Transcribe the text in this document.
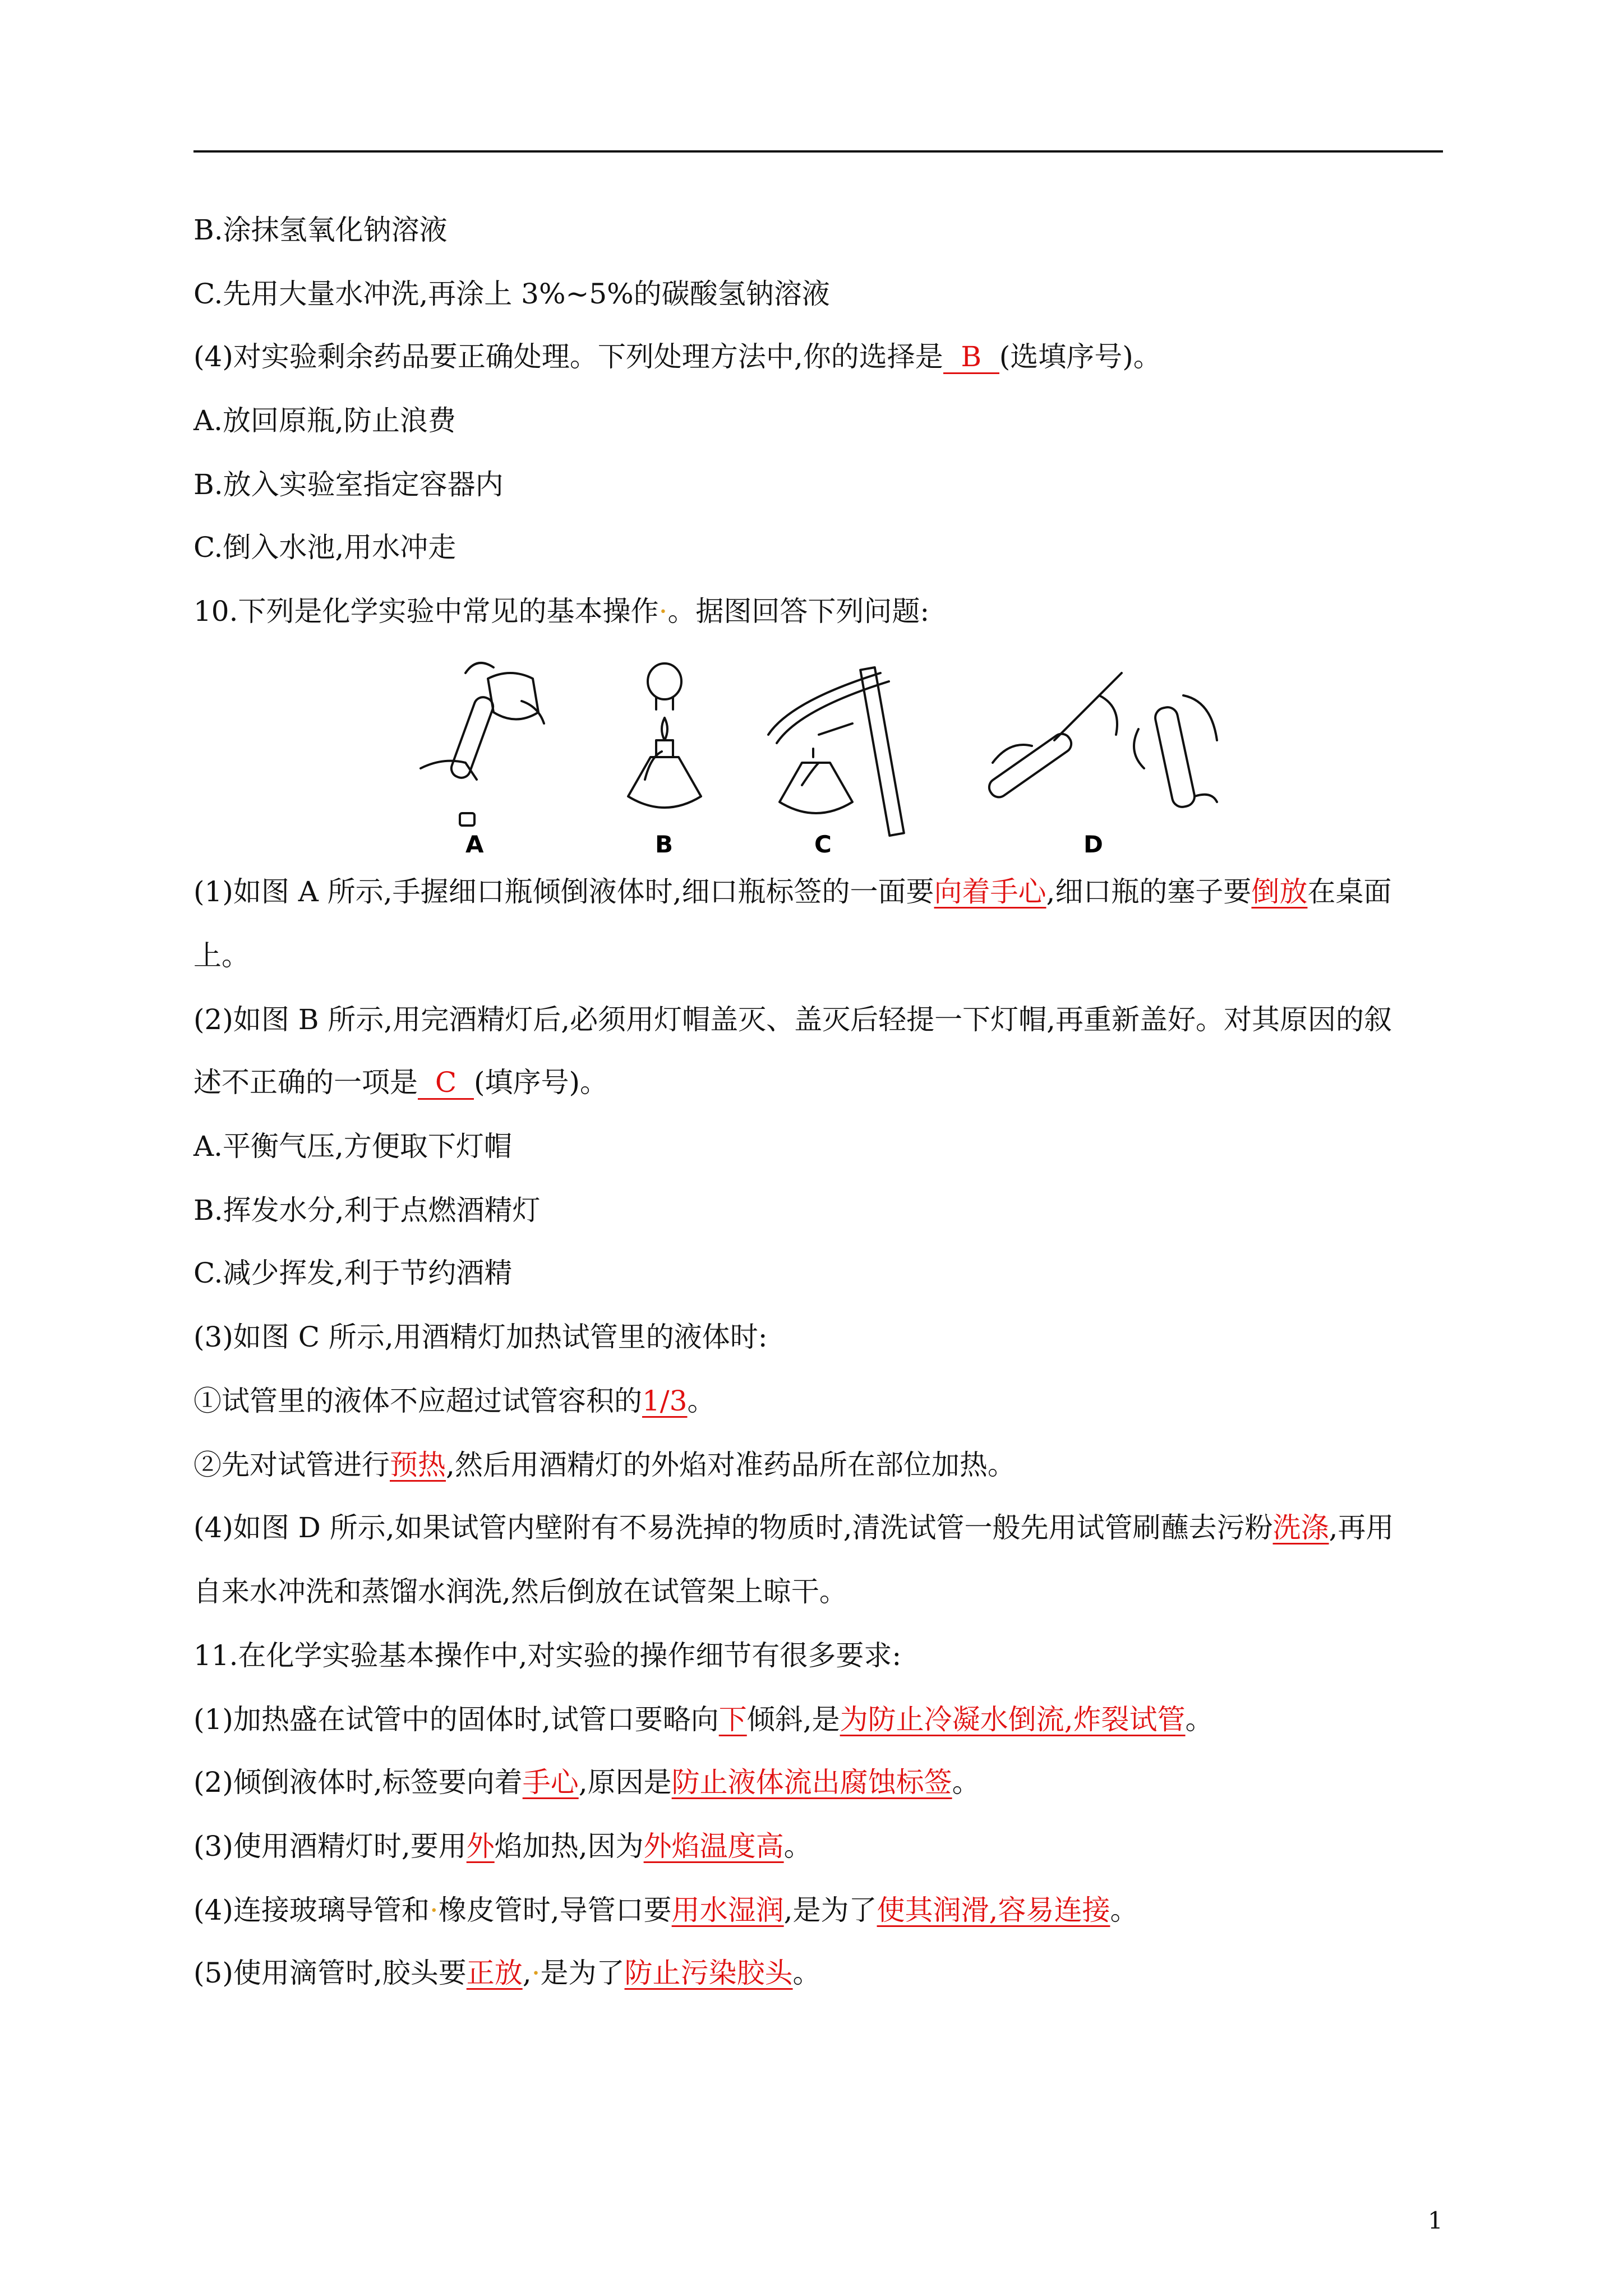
B.涂抹氢氧化钠溶液
C.先用大量水冲洗,再涂上 3%~5%的碳酸氢钠溶液
(4)对实验剩余药品要正确处理。下列处理方法中,你的选择是 B (选填序号)。
A.放回原瓶,防止浪费
B.放入实验室指定容器内
C.倒入水池,用水冲走
10.下列是化学实验中常见的基本操作·。据图回答下列问题:
A	B	C	D
(1)如图 A 所示,手握细口瓶倾倒液体时,细口瓶标签的一面要向着手心,细口瓶的塞子要倒放在桌面
上。
(2)如图 B 所示,用完酒精灯后,必须用灯帽盖灭、盖灭后轻提一下灯帽,再重新盖好。对其原因的叙
述不正确的一项是 C (填序号)。
A.平衡气压,方便取下灯帽
B.挥发水分,利于点燃酒精灯
C.减少挥发,利于节约酒精
(3)如图 C 所示,用酒精灯加热试管里的液体时:
①试管里的液体不应超过试管容积的1/3。
②先对试管进行预热,然后用酒精灯的外焰对准药品所在部位加热。
(4)如图 D 所示,如果试管内壁附有不易洗掉的物质时,清洗试管一般先用试管刷蘸去污粉洗涤,再用
自来水冲洗和蒸馏水润洗,然后倒放在试管架上晾干。
11.在化学实验基本操作中,对实验的操作细节有很多要求:
(1)加热盛在试管中的固体时,试管口要略向下倾斜,是为防止冷凝水倒流,炸裂试管。
(2)倾倒液体时,标签要向着手心,原因是防止液体流出腐蚀标签。
(3)使用酒精灯时,要用外焰加热,因为外焰温度高。
(4)连接玻璃导管和·橡皮管时,导管口要用水湿润,是为了使其润滑,容易连接。
(5)使用滴管时,胶头要正放,·是为了防止污染胶头。
1
